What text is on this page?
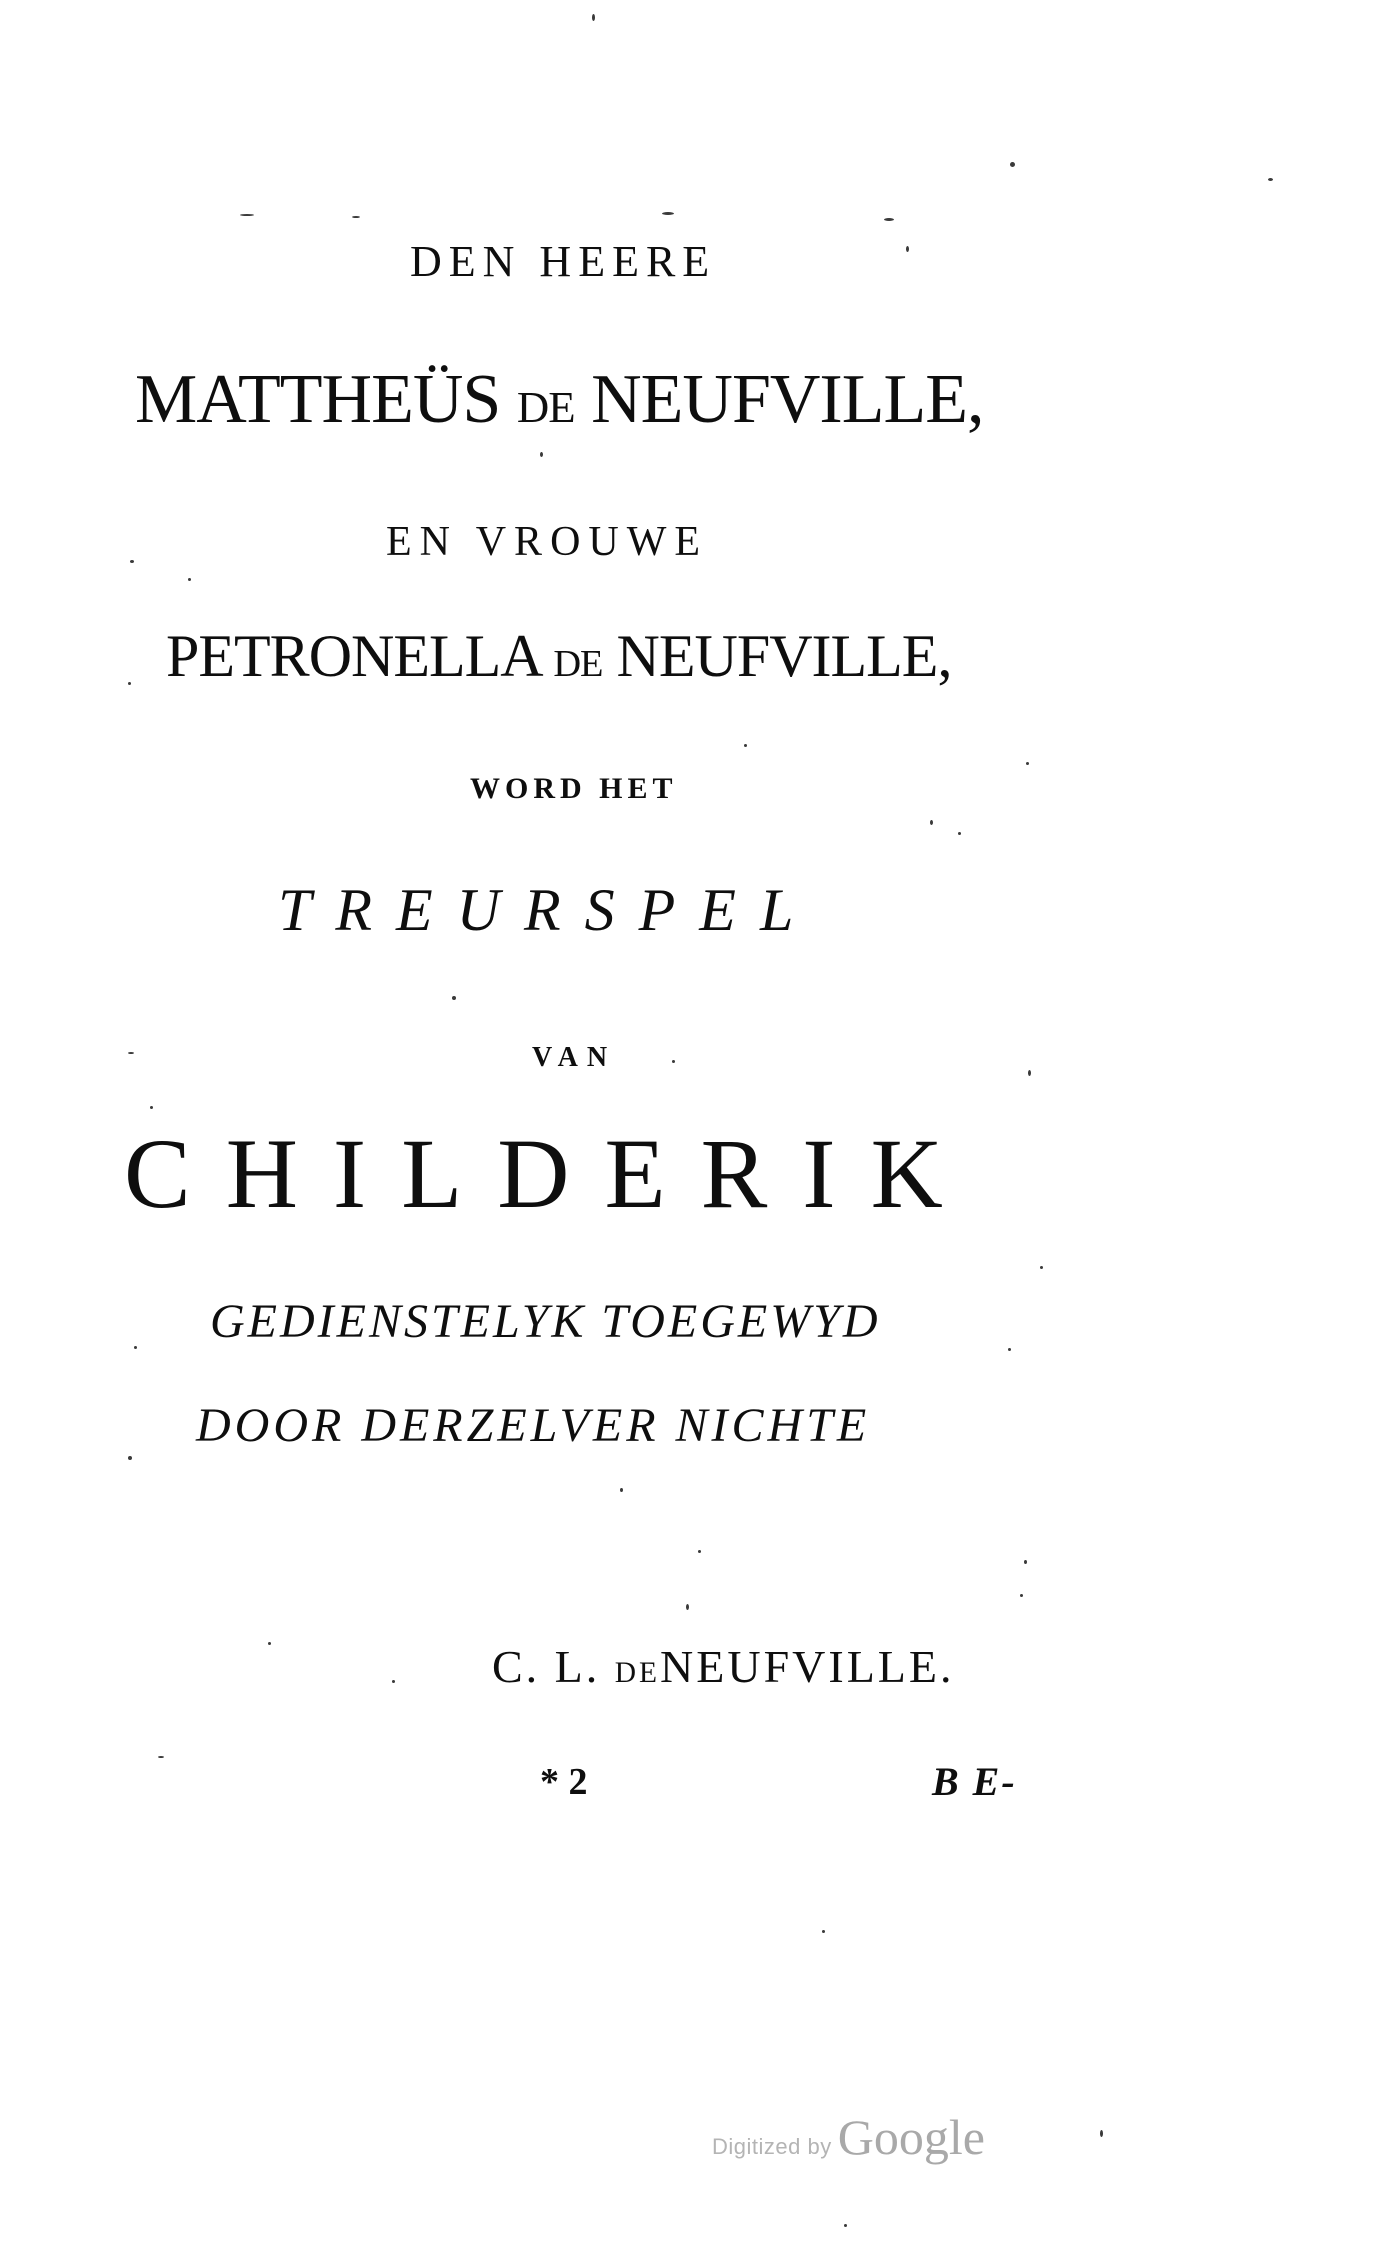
DEN HEERE
MATTHEÜS DE NEUFVILLE,
EN VROUWE
PETRONELLA DE NEUFVILLE,
WORD HET
TREURSPEL
VAN
CHILDERIK
GEDIENSTELYK TOEGEWYD
DOOR DERZELVER NICHTE
C. L. DENEUFVILLE.
* 2	B E-
Digitized by Google
